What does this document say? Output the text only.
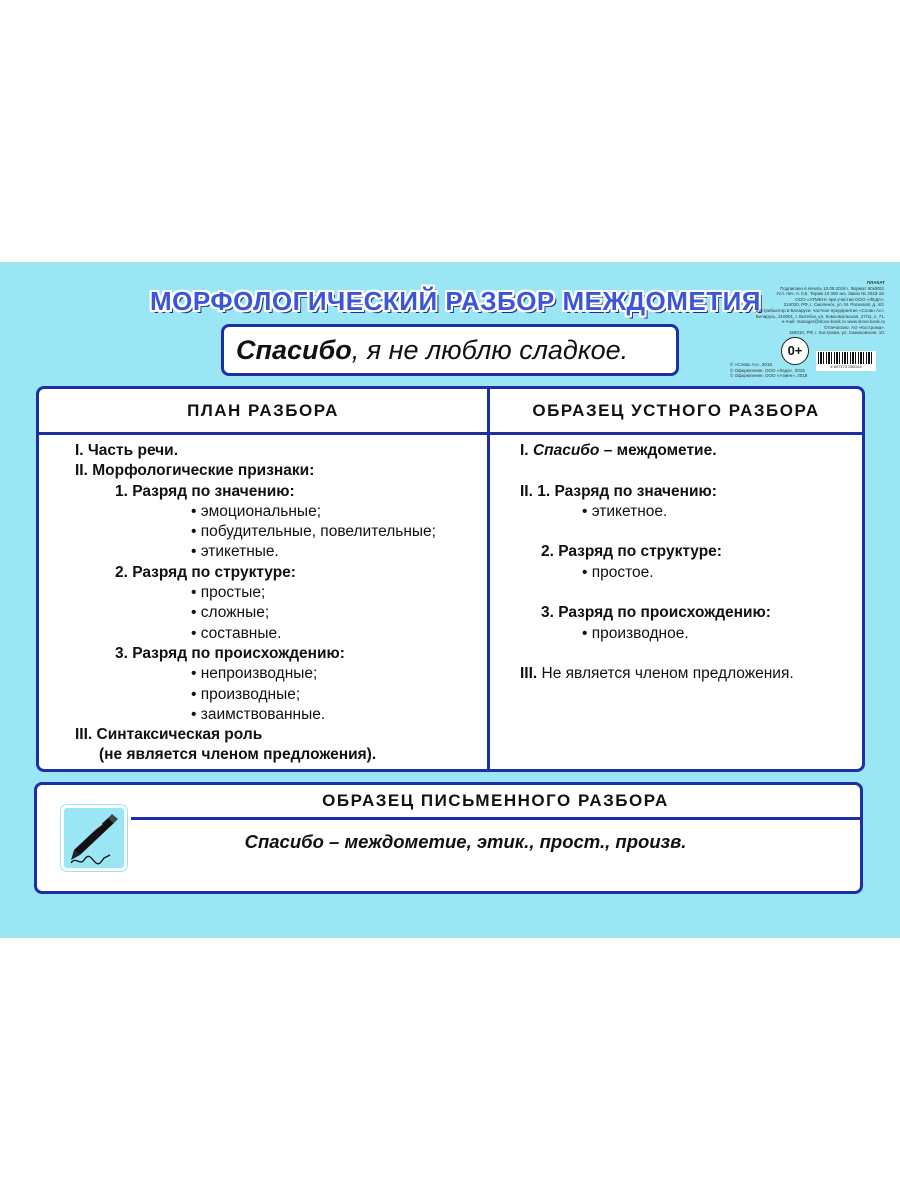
МОРФОЛОГИЧЕСКИЙ РАЗБОР МЕЖДОМЕТИЯ
Спасибо, я не люблю сладкое.
ПЛАКАТ
Подписано в печать 10.08.2018 г. Формат 60х90/2.
Усл. печ. л. 0,5. Тираж 10 000 экз. Заказ № 2043-18.
ООО «АТМЕН» при участии ООО «ЛЕДА».
214020, РФ, г. Смоленск, ул. М. Расковой, д. 4/2.
Дистрибьютор в Беларуси: частное предприятие «Слово Ас»,
Беларусь, 210001, г. Витебск, ул. Комсомольская, 27/11, к. 71.
e-mail: manager@slovo-book.ru www.slovo-book.ru
Отпечатано: АО «Кострома».
156010, РФ, г. Кострома, ул. Самоковская, 10.
© «Слово Ас», 2018
© Оформление. ООО «Леда», 2018
© Оформление. ООО «Атмен», 2018
0+
4 607173 250143
ПЛАН РАЗБОРА	ОБРАЗЕЦ УСТНОГО РАЗБОРА
I. Часть речи.
II. Морфологические признаки:
1. Разряд по значению:
• эмоциональные;
• побудительные, повелительные;
• этикетные.
2. Разряд по структуре:
• простые;
• сложные;
• составные.
3. Разряд по происхождению:
• непроизводные;
• производные;
• заимствованные.
III. Синтаксическая роль
(не является членом предложения).
I. Спасибо – междометие.
II. 1. Разряд по значению:
• этикетное.
2. Разряд по структуре:
• простое.
3. Разряд по происхождению:
• производное.
III. Не является членом предложения.
ОБРАЗЕЦ ПИСЬМЕННОГО РАЗБОРА
Спасибо – междометие, этик., прост., произв.
